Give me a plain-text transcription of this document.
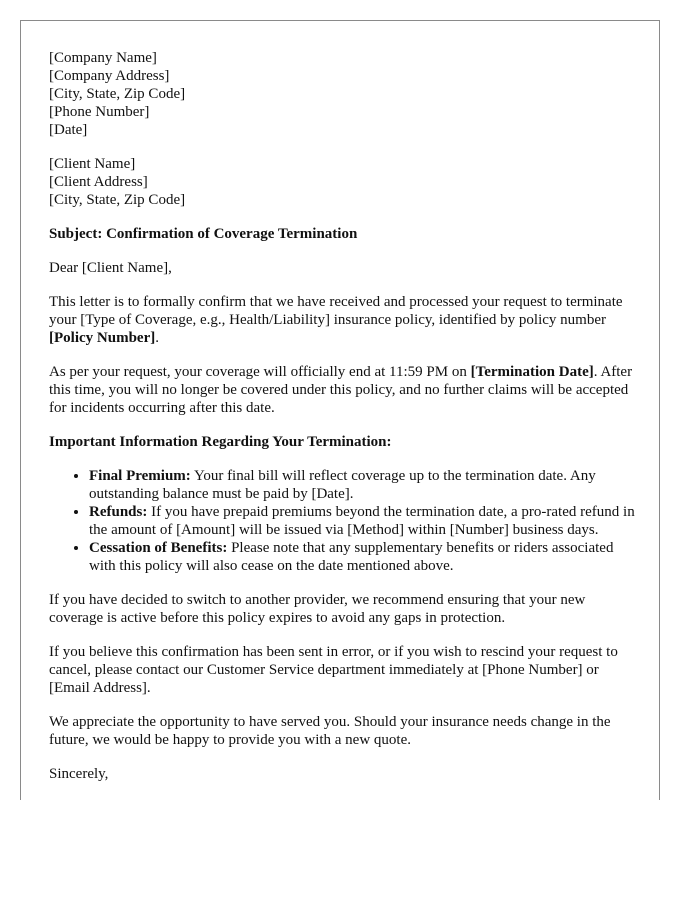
[Company Name]
[Company Address]
[City, State, Zip Code]
[Phone Number]
[Date]
[Client Name]
[Client Address]
[City, State, Zip Code]

Subject: Confirmation of Coverage Termination

Dear [Client Name],

This letter is to formally confirm that we have received and processed your request to terminate your [Type of Coverage, e.g., Health/Liability] insurance policy, identified by policy number [Policy Number].

As per your request, your coverage will officially end at 11:59 PM on [Termination Date]. After this time, you will no longer be covered under this policy, and no further claims will be accepted for incidents occurring after this date.

Important Information Regarding Your Termination:

• Final Premium: Your final bill will reflect coverage up to the termination date. Any outstanding balance must be paid by [Date].
• Refunds: If you have prepaid premiums beyond the termination date, a pro-rated refund in the amount of [Amount] will be issued via [Method] within [Number] business days.
• Cessation of Benefits: Please note that any supplementary benefits or riders associated with this policy will also cease on the date mentioned above.

If you have decided to switch to another provider, we recommend ensuring that your new coverage is active before this policy expires to avoid any gaps in protection.

If you believe this confirmation has been sent in error, or if you wish to rescind your request to cancel, please contact our Customer Service department immediately at [Phone Number] or [Email Address].

We appreciate the opportunity to have served you. Should your insurance needs change in the future, we would be happy to provide you with a new quote.

Sincerely,
